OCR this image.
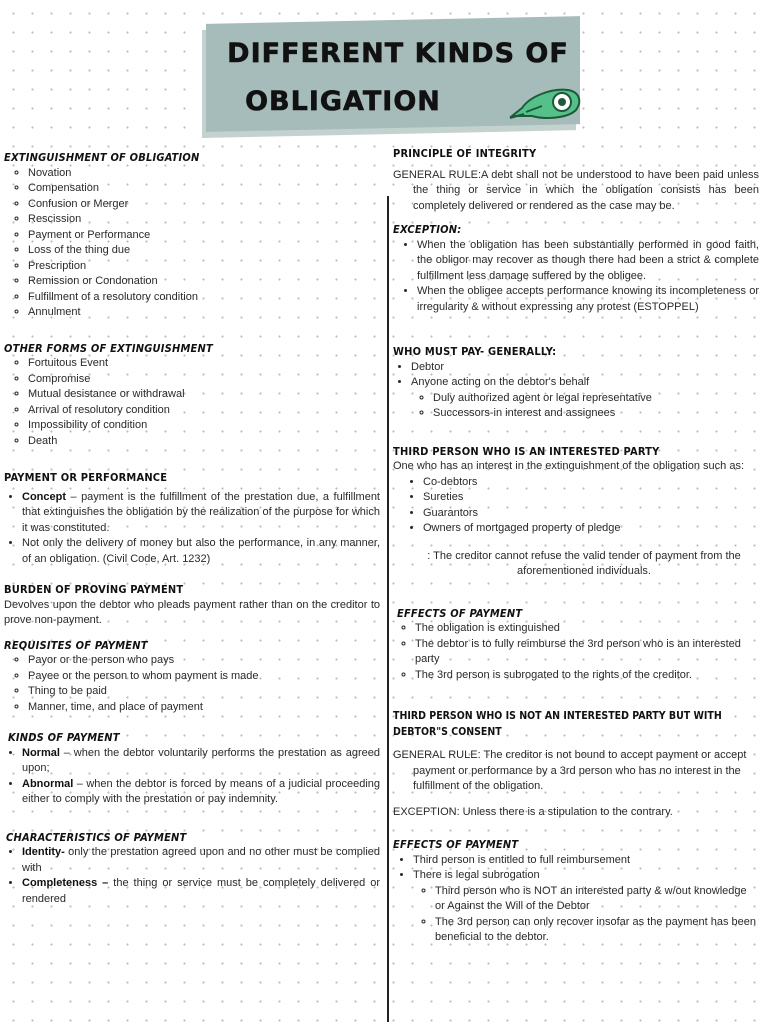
DIFFERENT KINDS OF
OBLIGATION

EXTINGUISHMENT OF OBLIGATION

◦ Novation
◦ Compensation
◦ Confusion or Merger
◦ Rescission
◦ Payment or Performance
◦ Loss of the thing due
◦ Prescription
◦ Remission or Condonation
◦ Fulfillment of a resolutory condition
◦ Annulment

OTHER FORMS OF EXTINGUISHMENT

◦ Fortuitous Event
◦ Compromise
◦ Mutual desistance or withdrawal
◦ Arrival of resolutory condition
◦ Impossibility of condition
◦ Death

PAYMENT OR PERFORMANCE

• Concept – payment is the fulfillment of the prestation due, a fulfillment that extinguishes the obligation by the realization of the purpose for which it was constituted.
• Not only the delivery of money but also the performance, in any manner, of an obligation. (Civil Code, Art. 1232)

BURDEN OF PROVING PAYMENT

Devolves upon the debtor who pleads payment rather than on the creditor to prove non-payment.

REQUISITES OF PAYMENT

◦ Payor or the person who pays
◦ Payee or the person to whom payment is made
◦ Thing to be paid
◦ Manner, time, and place of payment

KINDS OF PAYMENT

• Normal – when the debtor voluntarily performs the prestation as agreed upon;
• Abnormal – when the debtor is forced by means of a judicial proceeding either to comply with the prestation or pay indemnity.

CHARACTERISTICS OF PAYMENT

• Identity- only the prestation agreed upon and no other must be complied with
• Completeness – the thing or service must be completely delivered or rendered

PRINCIPLE OF INTEGRITY

GENERAL RULE:A debt shall not be understood to have been paid unless the thing or service in which the obligation consists has been completely delivered or rendered as the case may be.

EXCEPTION:

• When the obligation has been substantially performed in good faith, the obligor may recover as though there had been a strict & complete fulfillment less damage suffered by the obligee.
• When the obligee accepts performance knowing its incompleteness or irregularity & without expressing any protest (ESTOPPEL)

WHO MUST PAY- GENERALLY:

• Debtor
• Anyone acting on the debtor's behalf
◦ Duly authorized agent or legal representative
◦ Successors-in interest and assignees

THIRD PERSON WHO IS AN INTERESTED PARTY

One who has an interest in the extinguishment of the obligation such as:

• Co-debtors
• Sureties
• Guarantors
• Owners of mortgaged property of pledge

: The creditor cannot refuse the valid tender of payment from the aforementioned individuals.

EFFECTS OF PAYMENT

◦ The obligation is extinguished
◦ The debtor is to fully reimburse the 3rd person who is an interested party
◦ The 3rd person is subrogated to the rights of the creditor.

THIRD PERSON WHO IS NOT AN INTERESTED PARTY BUT WITH DEBTOR"S CONSENT

GENERAL RULE: The creditor is not bound to accept payment or accept payment or performance by a 3rd person who has no interest in the fulfillment of the obligation.

EXCEPTION: Unless there is a stipulation to the contrary.

EFFECTS OF PAYMENT

• Third person is entitled to full reimbursement
• There is legal subrogation
◦ Third person who is NOT an interested party & w/out knowledge or Against the Will of the Debtor
◦ The 3rd person can only recover insofar as the payment has been beneficial to the debtor.
